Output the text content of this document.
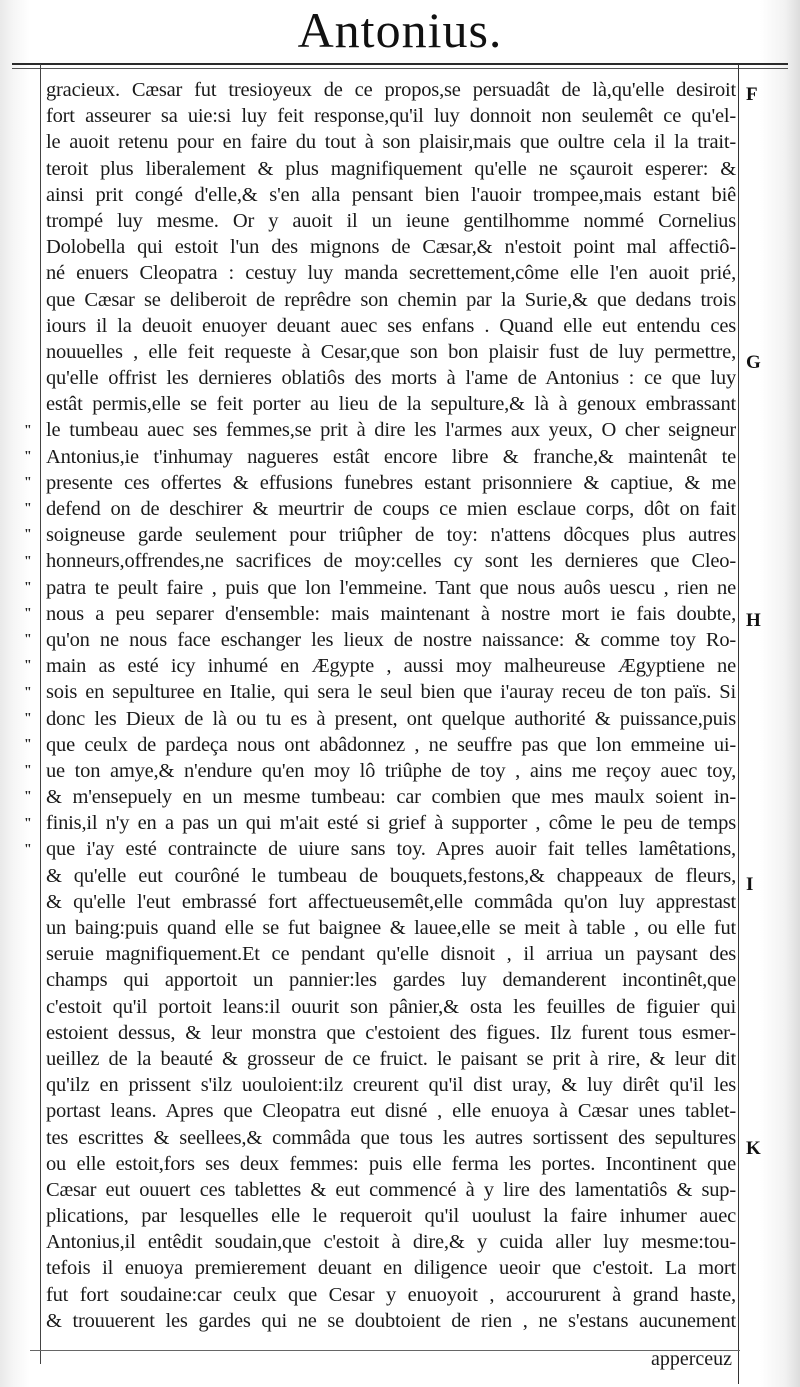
Antonius.
gracieux. Cæsar fut tresioyeux de ce propos,se persuadât de là,qu'elle desiroit
fort asseurer sa uie:si luy feit response,qu'il luy donnoit non seulemêt ce qu'el-
le auoit retenu pour en faire du tout à son plaisir,mais que oultre cela il la trait-
teroit plus liberalement & plus magnifiquement qu'elle ne sçauroit esperer: &
ainsi prit congé d'elle,& s'en alla pensant bien l'auoir trompee,mais estant biê
trompé luy mesme. Or y auoit il un ieune gentilhomme nommé Cornelius
Dolobella qui estoit l'un des mignons de Cæsar,& n'estoit point mal affectiô-
né enuers Cleopatra : cestuy luy manda secrettement,côme elle l'en auoit prié,
que Cæsar se deliberoit de reprêdre son chemin par la Surie,& que dedans trois
iours il la deuoit enuoyer deuant auec ses enfans . Quand elle eut entendu ces
nouuelles , elle feit requeste à Cesar,que son bon plaisir fust de luy permettre,
qu'elle offrist les dernieres oblatiôs des morts à l'ame de Antonius : ce que luy
estât permis,elle se feit porter au lieu de la sepulture,& là à genoux embrassant
le tumbeau auec ses femmes,se prit à dire les l'armes aux yeux, O cher seigneur
Antonius,ie t'inhumay nagueres estât encore libre & franche,& maintenât te
presente ces offertes & effusions funebres estant prisonniere & captiue, & me
defend on de deschirer & meurtrir de coups ce mien esclaue corps, dôt on fait
soigneuse garde seulement pour triûpher de toy: n'attens dôcques plus autres
honneurs,offrendes,ne sacrifices de moy:celles cy sont les dernieres que Cleo-
patra te peult faire , puis que lon l'emmeine. Tant que nous auôs uescu , rien ne
nous a peu separer d'ensemble: mais maintenant à nostre mort ie fais doubte,
qu'on ne nous face eschanger les lieux de nostre naissance: & comme toy Ro-
main as esté icy inhumé en Ægypte , aussi moy malheureuse Ægyptiene ne
sois en sepulturee en Italie, qui sera le seul bien que i'auray receu de ton païs. Si
donc les Dieux de là ou tu es à present, ont quelque authorité & puissance,puis
que ceulx de pardeça nous ont abâdonnez , ne seuffre pas que lon emmeine ui-
ue ton amye,& n'endure qu'en moy lô triûphe de toy , ains me reçoy auec toy,
& m'ensepuely en un mesme tumbeau: car combien que mes maulx soient in-
finis,il n'y en a pas un qui m'ait esté si grief à supporter , côme le peu de temps
que i'ay esté contraincte de uiure sans toy. Apres auoir fait telles lamêtations,
& qu'elle eut courôné le tumbeau de bouquets,festons,& chappeaux de fleurs,
& qu'elle l'eut embrassé fort affectueusemêt,elle commâda qu'on luy apprestast
un baing:puis quand elle se fut baignee & lauee,elle se meit à table , ou elle fut
seruie magnifiquement.Et ce pendant qu'elle disnoit , il arriua un paysant des
champs qui apportoit un pannier:les gardes luy demanderent incontinêt,que
c'estoit qu'il portoit leans:il ouurit son pânier,& osta les feuilles de figuier qui
estoient dessus, & leur monstra que c'estoient des figues. Ilz furent tous esmer-
ueillez de la beauté & grosseur de ce fruict. le paisant se prit à rire, & leur dit
qu'ilz en prissent s'ilz uouloient:ilz creurent qu'il dist uray, & luy dirêt qu'il les
portast leans. Apres que Cleopatra eut disné , elle enuoya à Cæsar unes tablet-
tes escrittes & seellees,& commâda que tous les autres sortissent des sepultures
ou elle estoit,fors ses deux femmes: puis elle ferma les portes. Incontinent que
Cæsar eut ouuert ces tablettes & eut commencé à y lire des lamentatiôs & sup-
plications, par lesquelles elle le requeroit qu'il uoulust la faire inhumer auec
Antonius,il entêdit soudain,que c'estoit à dire,& y cuida aller luy mesme:tou-
tefois il enuoya premierement deuant en diligence ueoir que c'estoit. La mort
fut fort soudaine:car ceulx que Cesar y enuoyoit , accoururent à grand haste,
& trouuerent les gardes qui ne se doubtoient de rien , ne s'estans aucunement
"
"
"
"
"
"
"
"
"
"
"
"
"
"
"
"
"
F
G
H
I
K
apperceuz
